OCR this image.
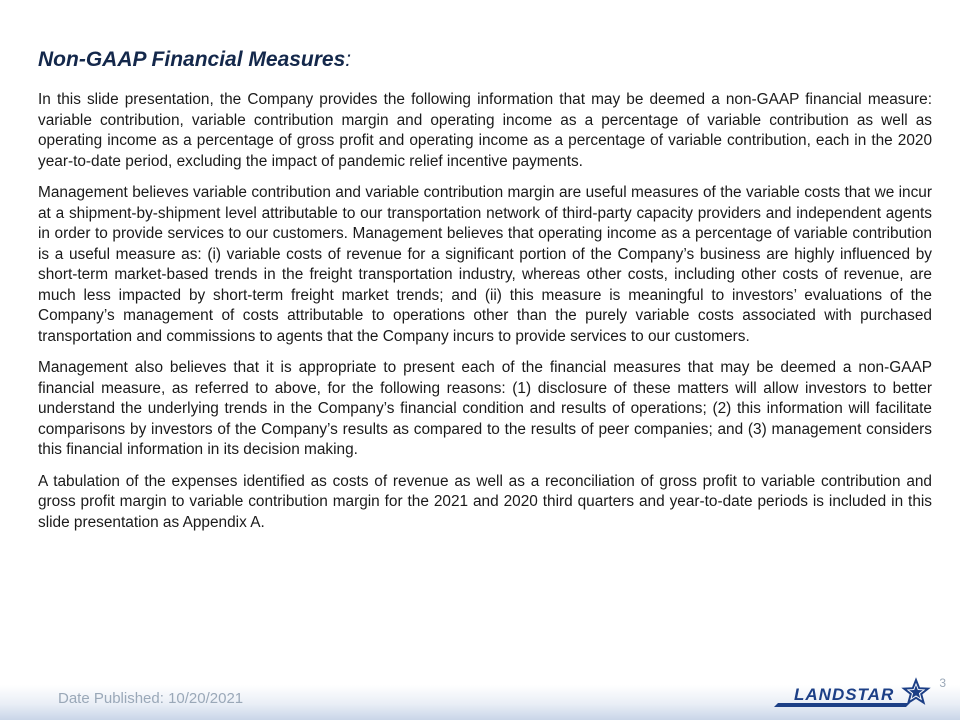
Non-GAAP Financial Measures:

In this slide presentation, the Company provides the following information that may be deemed a non-GAAP financial measure: variable contribution, variable contribution margin and operating income as a percentage of variable contribution as well as operating income as a percentage of gross profit and operating income as a percentage of variable contribution, each in the 2020 year-to-date period, excluding the impact of pandemic relief incentive payments.

Management believes variable contribution and variable contribution margin are useful measures of the variable costs that we incur at a shipment-by-shipment level attributable to our transportation network of third-party capacity providers and independent agents in order to provide services to our customers. Management believes that operating income as a percentage of variable contribution is a useful measure as: (i) variable costs of revenue for a significant portion of the Company’s business are highly influenced by short-term market-based trends in the freight transportation industry, whereas other costs, including other costs of revenue, are much less impacted by short-term freight market trends; and (ii) this measure is meaningful to investors’ evaluations of the Company’s management of costs attributable to operations other than the purely variable costs associated with purchased transportation and commissions to agents that the Company incurs to provide services to our customers.

Management also believes that it is appropriate to present each of the financial measures that may be deemed a non-GAAP financial measure, as referred to above, for the following reasons: (1) disclosure of these matters will allow investors to better understand the underlying trends in the Company’s financial condition and results of operations; (2) this information will facilitate comparisons by investors of the Company’s results as compared to the results of peer companies; and (3) management considers this financial information in its decision making.

A tabulation of the expenses identified as costs of revenue as well as a reconciliation of gross profit to variable contribution and gross profit margin to variable contribution margin for the 2021 and 2020 third quarters and year-to-date periods is included in this slide presentation as Appendix A.

Date Published: 10/20/2021
3
LANDSTAR
